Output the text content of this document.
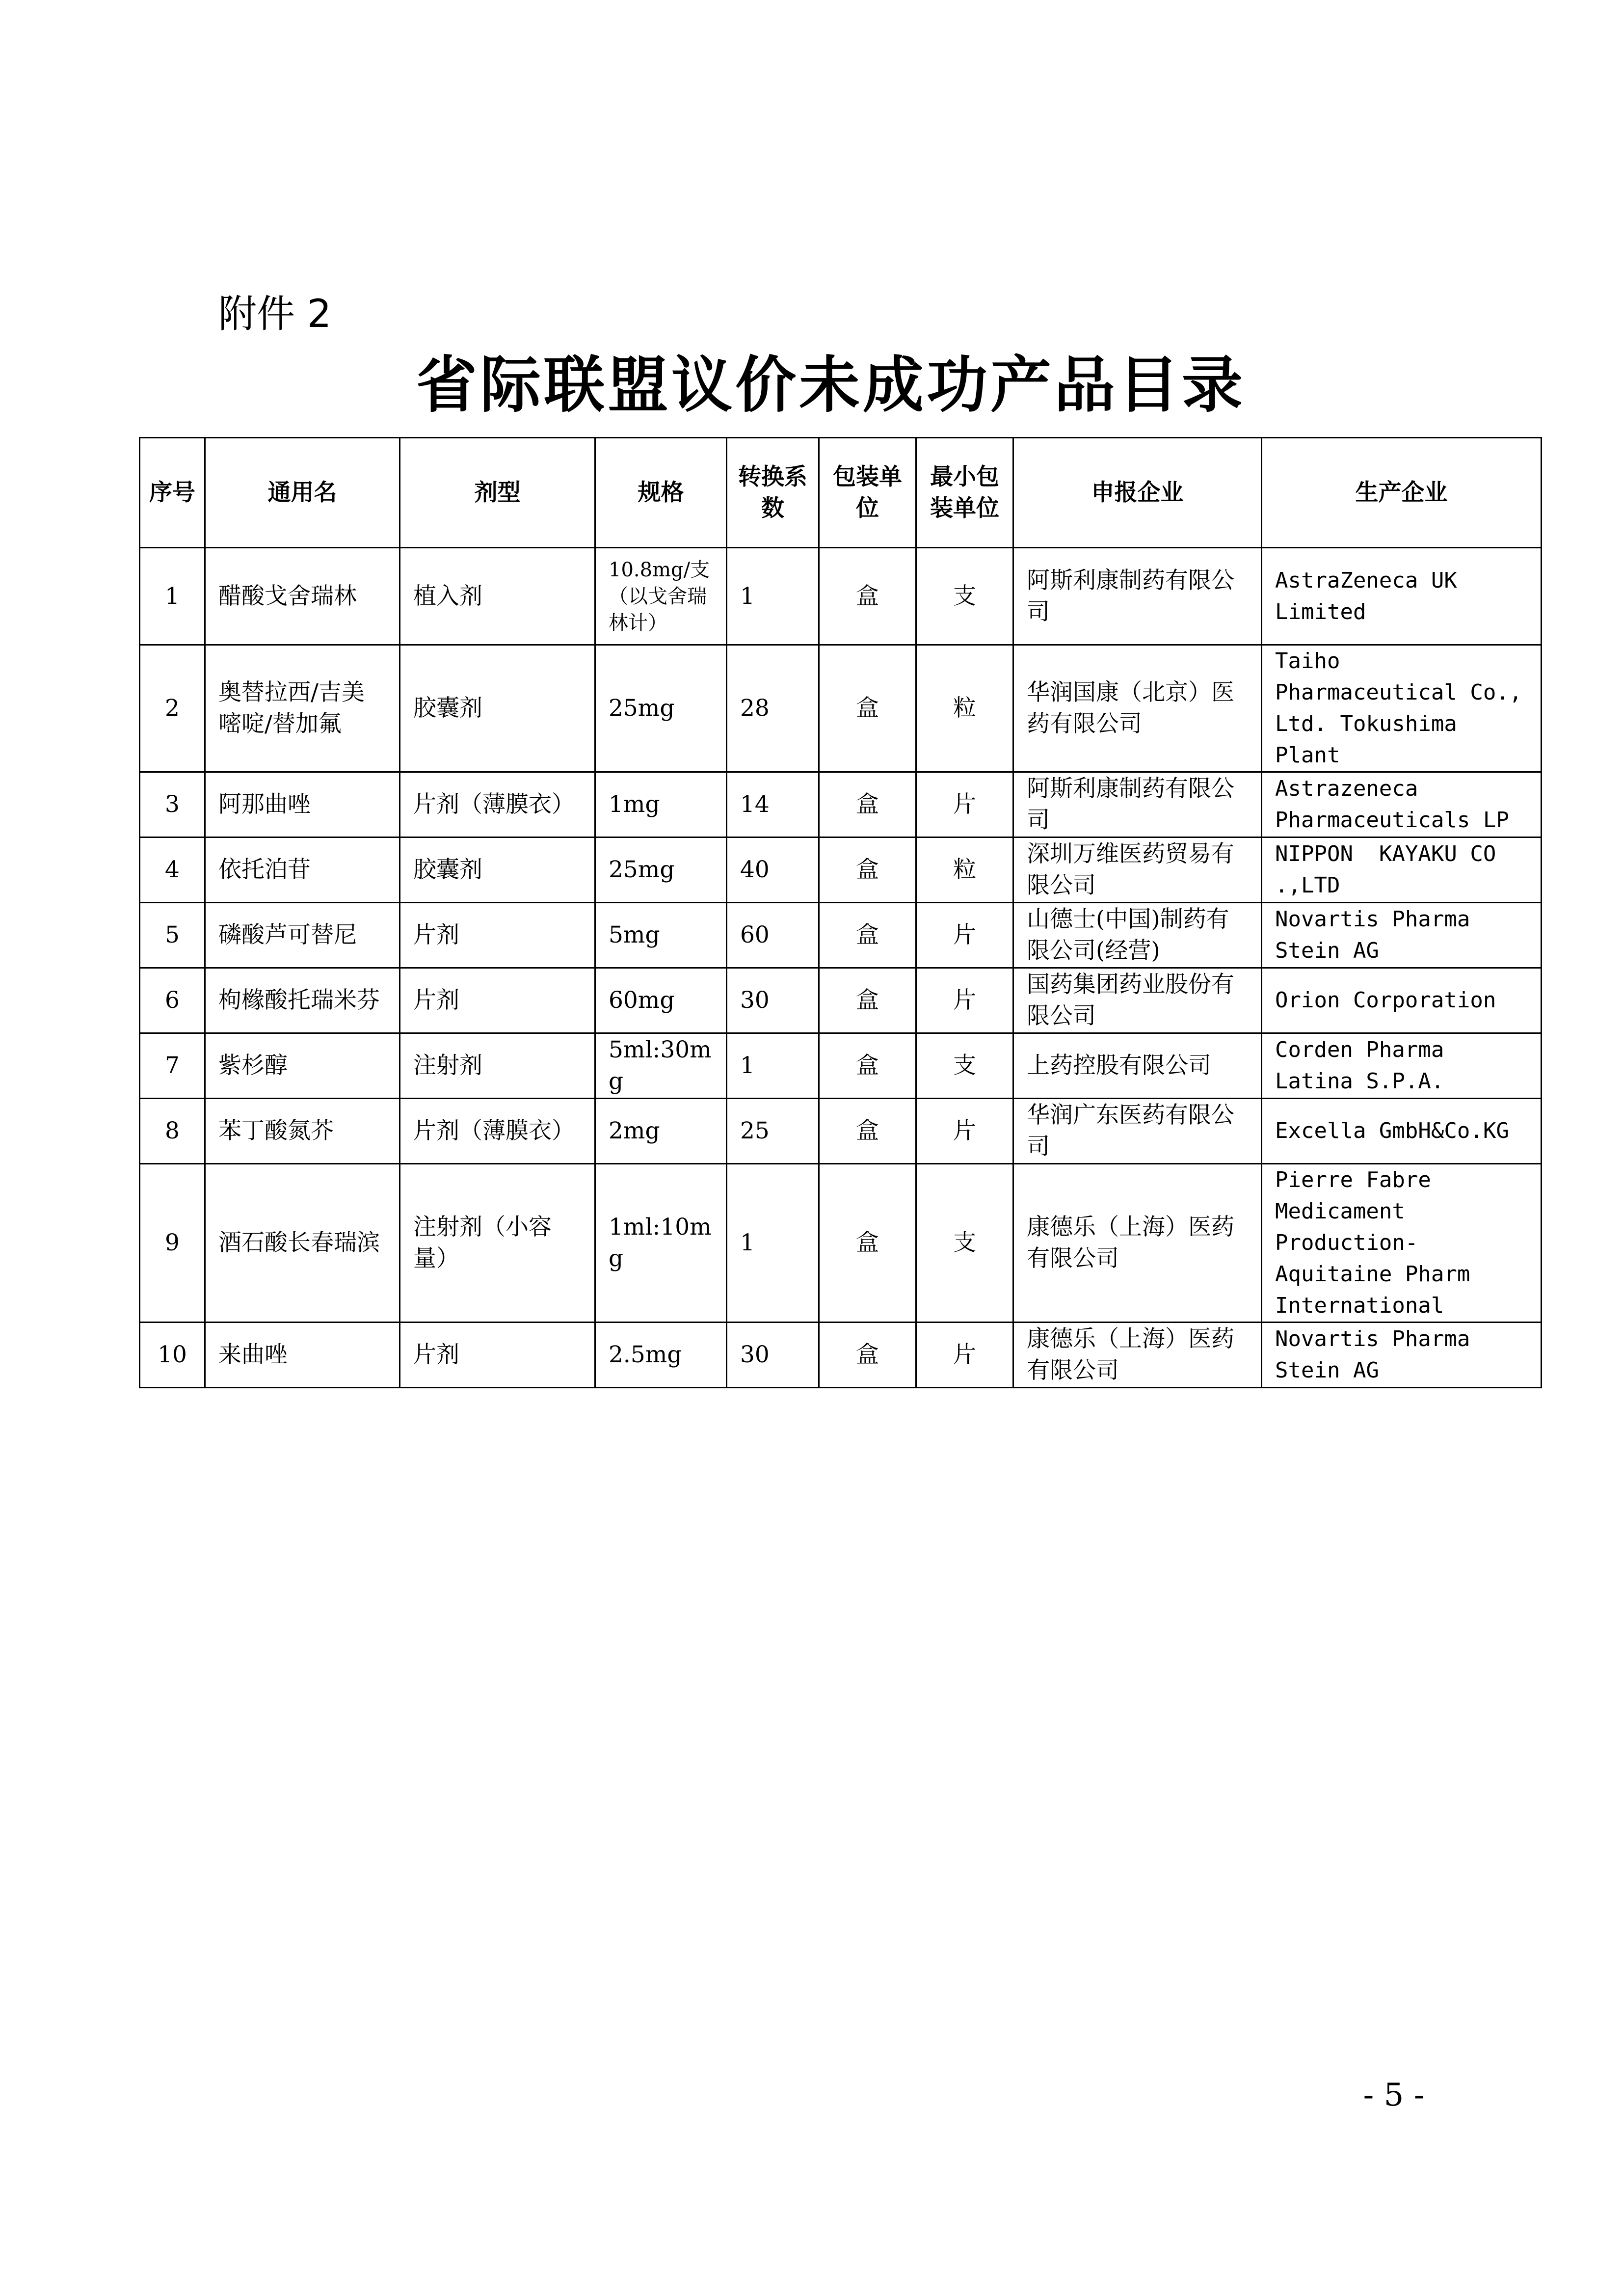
附件 2
省际联盟议价未成功产品目录
序号	通用名	剂型	规格	转换系数	包装单位	最小包装单位	申报企业	生产企业
1	醋酸戈舍瑞林	植入剂	10.8mg/支（以戈舍瑞林计）	1	盒	支	阿斯利康制药有限公司	AstraZeneca UK Limited
2	奥替拉西/吉美嘧啶/替加氟	胶囊剂	25mg	28	盒	粒	华润国康（北京）医药有限公司	Taiho Pharmaceutical Co., Ltd. Tokushima Plant
3	阿那曲唑	片剂（薄膜衣）	1mg	14	盒	片	阿斯利康制药有限公司	Astrazeneca Pharmaceuticals LP
4	依托泊苷	胶囊剂	25mg	40	盒	粒	深圳万维医药贸易有限公司	NIPPON  KAYAKU CO .,LTD
5	磷酸芦可替尼	片剂	5mg	60	盒	片	山德士(中国)制药有限公司(经营)	Novartis Pharma Stein AG
6	枸橼酸托瑞米芬	片剂	60mg	30	盒	片	国药集团药业股份有限公司	Orion Corporation
7	紫杉醇	注射剂	5ml:30mg	1	盒	支	上药控股有限公司	Corden Pharma Latina S.P.A.
8	苯丁酸氮芥	片剂（薄膜衣）	2mg	25	盒	片	华润广东医药有限公司	Excella GmbH&Co.KG
9	酒石酸长春瑞滨	注射剂（小容量）	1ml:10mg	1	盒	支	康德乐（上海）医药有限公司	Pierre Fabre Medicament Production-Aquitaine Pharm International
10	来曲唑	片剂	2.5mg	30	盒	片	康德乐（上海）医药有限公司	Novartis Pharma Stein AG
- 5 -
